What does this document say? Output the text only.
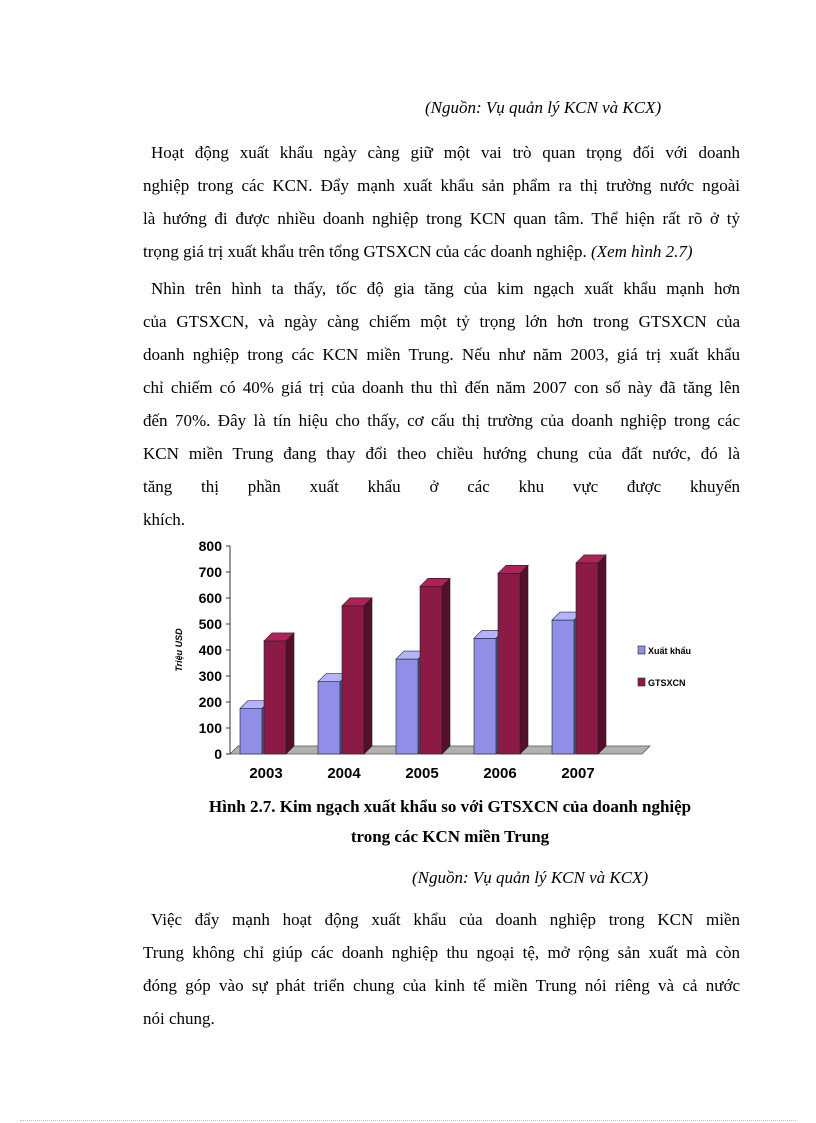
(Nguồn: Vụ quản lý KCN và KCX)
Hoạt động xuất khẩu ngày càng giữ một vai trò quan trọng đối với doanh
nghiệp trong các KCN. Đẩy mạnh xuất khẩu sản phẩm ra thị trường nước ngoài
là hướng đi được nhiều doanh nghiệp trong KCN quan tâm. Thể hiện rất rõ ở tỷ
trọng giá trị xuất khẩu trên tổng GTSXCN của các doanh nghiệp. (Xem hình 2.7)
Nhìn trên hình ta thấy, tốc độ gia tăng của kim ngạch xuất khẩu mạnh hơn
của GTSXCN, và ngày càng chiếm một tỷ trọng lớn hơn trong GTSXCN của
doanh nghiệp trong các KCN miền Trung. Nếu như năm 2003, giá trị xuất khẩu
chỉ chiếm có 40% giá trị của doanh thu thì đến năm 2007 con số này đã tăng lên
đến 70%. Đây là tín hiệu cho thấy, cơ cấu thị trường của doanh nghiệp trong các
KCN miền Trung đang thay đổi theo chiều hướng chung của đất nước, đó là
tăng thị phần xuất khẩu ở các khu vực được khuyến khích.
0
100
200
300
400
500
600
700
800
Triệu USD
2003	2004	2005	2006	2007
Xuất khẩu
GTSXCN
Hình 2.7. Kim ngạch xuất khẩu so với GTSXCN của doanh nghiệp
trong các KCN miền Trung
(Nguồn: Vụ quản lý KCN và KCX)
Việc đẩy mạnh hoạt động xuất khẩu của doanh nghiệp trong KCN miền
Trung không chỉ giúp các doanh nghiệp thu ngoại tệ, mở rộng sản xuất mà còn
đóng góp vào sự phát triển chung của kinh tế miền Trung nói riêng và cả nước
nói chung.
